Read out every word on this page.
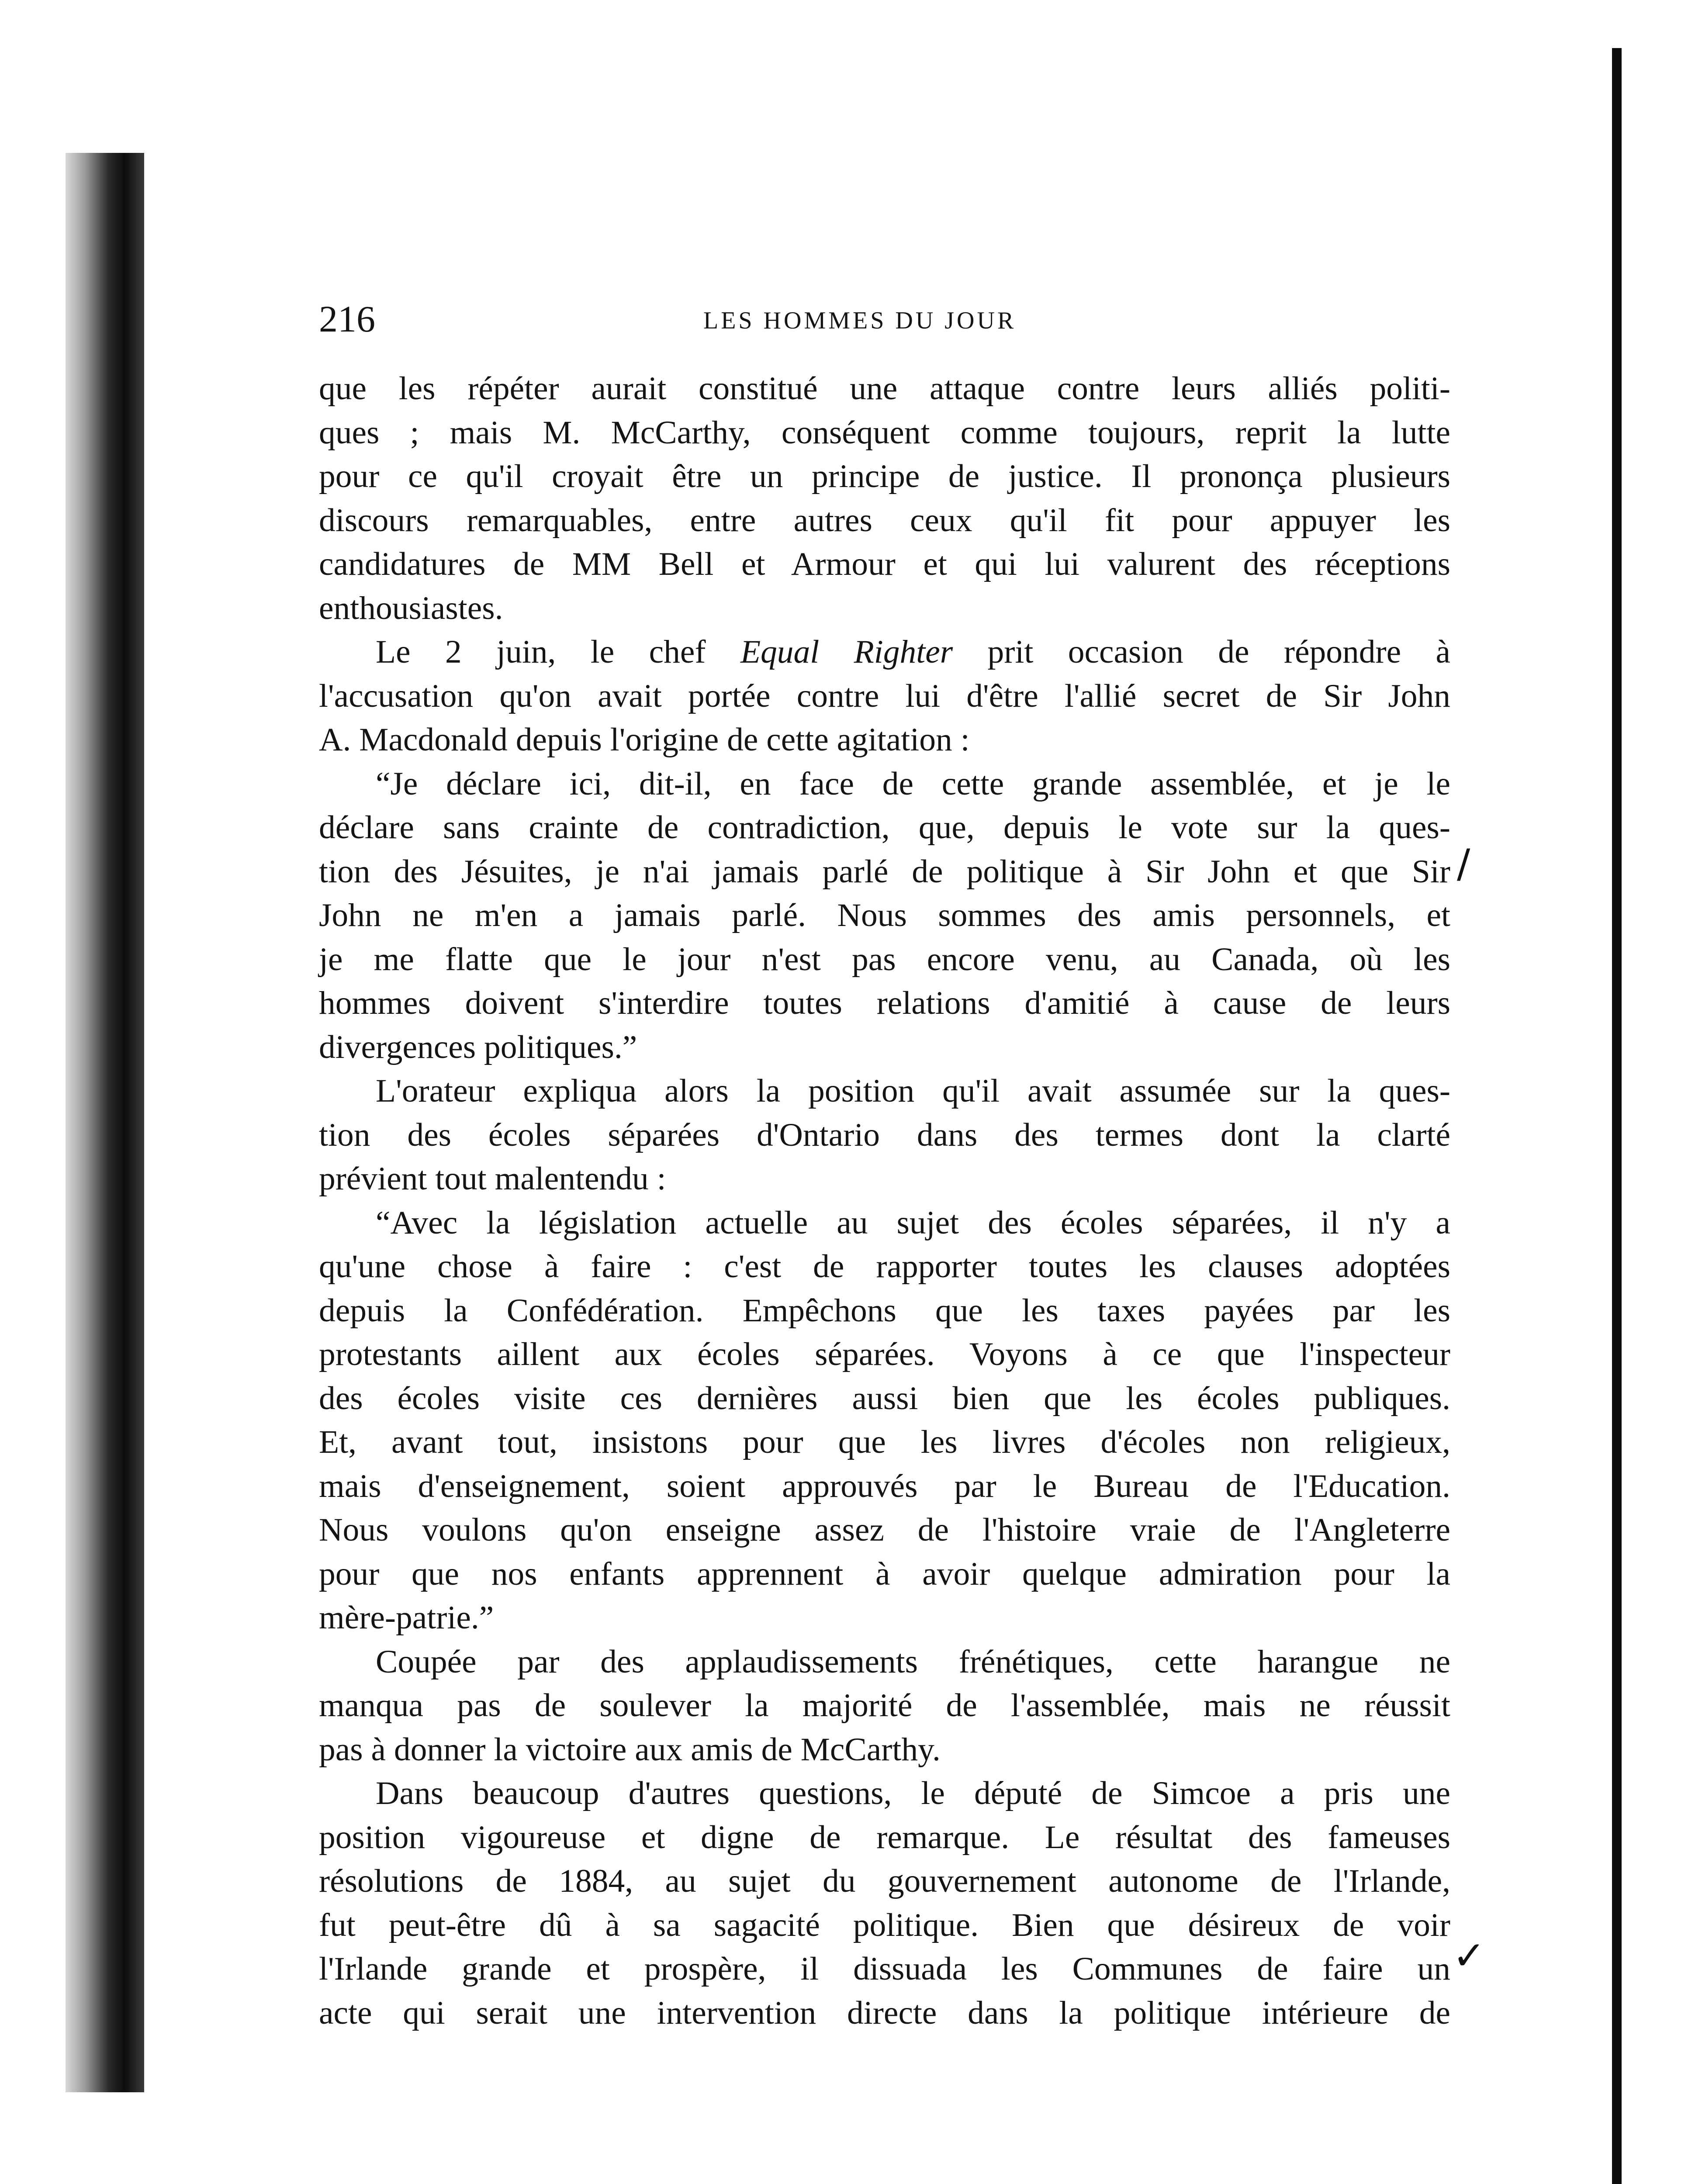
216	LES HOMMES DU JOUR
/
✓

que les répéter aurait constitué une attaque contre leurs alliés politi-

ques ; mais M. McCarthy, conséquent comme toujours, reprit la lutte

pour ce qu'il croyait être un principe de justice. Il prononça plusieurs

discours remarquables, entre autres ceux qu'il fit pour appuyer les

candidatures de MM Bell et Armour et qui lui valurent des réceptions

enthousiastes.

Le 2 juin, le chef Equal Righter prit occasion de répondre à

l'accusation qu'on avait portée contre lui d'être l'allié secret de Sir John

A. Macdonald depuis l'origine de cette agitation :

“Je déclare ici, dit-il, en face de cette grande assemblée, et je le

déclare sans crainte de contradiction, que, depuis le vote sur la ques-

tion des Jésuites, je n'ai jamais parlé de politique à Sir John et que Sir

John ne m'en a jamais parlé. Nous sommes des amis personnels, et

je me flatte que le jour n'est pas encore venu, au Canada, où les

hommes doivent s'interdire toutes relations d'amitié à cause de leurs

divergences politiques.”

L'orateur expliqua alors la position qu'il avait assumée sur la ques-

tion des écoles séparées d'Ontario dans des termes dont la clarté

prévient tout malentendu :

“Avec la législation actuelle au sujet des écoles séparées, il n'y a

qu'une chose à faire : c'est de rapporter toutes les clauses adoptées

depuis la Confédération. Empêchons que les taxes payées par les

protestants aillent aux écoles séparées. Voyons à ce que l'inspecteur

des écoles visite ces dernières aussi bien que les écoles publiques.

Et, avant tout, insistons pour que les livres d'écoles non religieux,

mais d'enseignement, soient approuvés par le Bureau de l'Education.

Nous voulons qu'on enseigne assez de l'histoire vraie de l'Angleterre

pour que nos enfants apprennent à avoir quelque admiration pour la

mère-patrie.”

Coupée par des applaudissements frénétiques, cette harangue ne

manqua pas de soulever la majorité de l'assemblée, mais ne réussit

pas à donner la victoire aux amis de McCarthy.

Dans beaucoup d'autres questions, le député de Simcoe a pris une

position vigoureuse et digne de remarque. Le résultat des fameuses

résolutions de 1884, au sujet du gouvernement autonome de l'Irlande,

fut peut-être dû à sa sagacité politique. Bien que désireux de voir

l'Irlande grande et prospère, il dissuada les Communes de faire un

acte qui serait une intervention directe dans la politique intérieure de
